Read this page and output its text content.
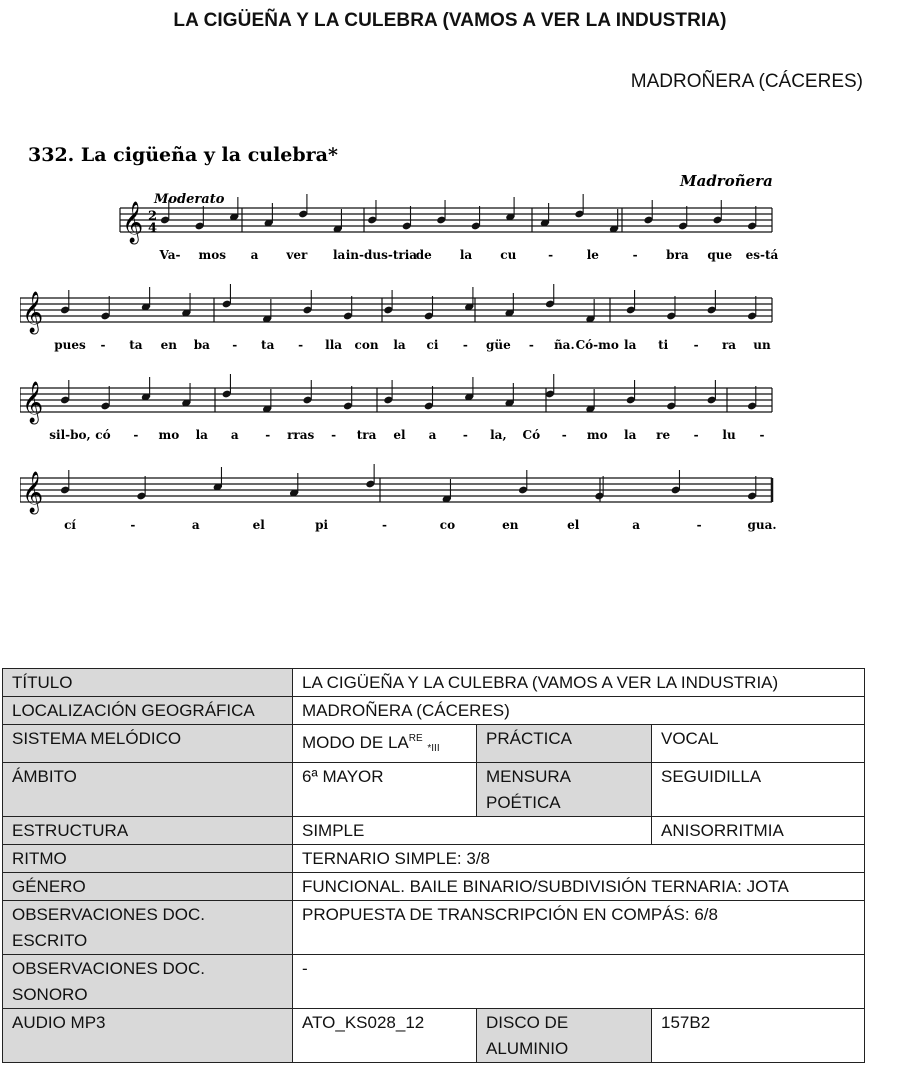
LA CIGÜEÑA Y LA CULEBRA (VAMOS A VER LA INDUSTRIA)
MADROÑERA (CÁCERES)
332. La cigüeña y la culebra*
Madroñera
Moderato
𝄞
𝄞
𝄞
𝄞
2
4
Va- mos a ver la in-dus-tria
de la cu	-	le	- bra que es-tá
pues - ta en ba - ta - lla con la ci - güe - ña. Có-mo la ti - ra un
sil-bo, có - mo la a - rras - tra el a - la, Có - mo la re - lu -
cí	-	a	el	pi	-	co	en	el	a	-	gua.
TÍTULO	LA CIGÜEÑA Y LA CULEBRA (VAMOS A VER LA INDUSTRIA)		
LOCALIZACIÓN GEOGRÁFICA	MADROÑERA (CÁCERES)		
SISTEMA MELÓDICO	MODO DE $LA^{RE}$ $_{*III}$	PRÁCTICA	VOCAL
ÁMBITO	6ª MAYOR	MENSURA POÉTICA	SEGUIDILLA
ESTRUCTURA	SIMPLE		ANISORRITMIA
RITMO	TERNARIO SIMPLE: 3/8		
GÉNERO	FUNCIONAL. BAILE BINARIO/SUBDIVISIÓN TERNARIA: JOTA		
OBSERVACIONES DOC. ESCRITO	PROPUESTA DE TRANSCRIPCIÓN EN COMPÁS: 6/8		
OBSERVACIONES DOC. SONORO	-		
AUDIO MP3	ATO_KS028_12	DISCO DE ALUMINIO	157B2
